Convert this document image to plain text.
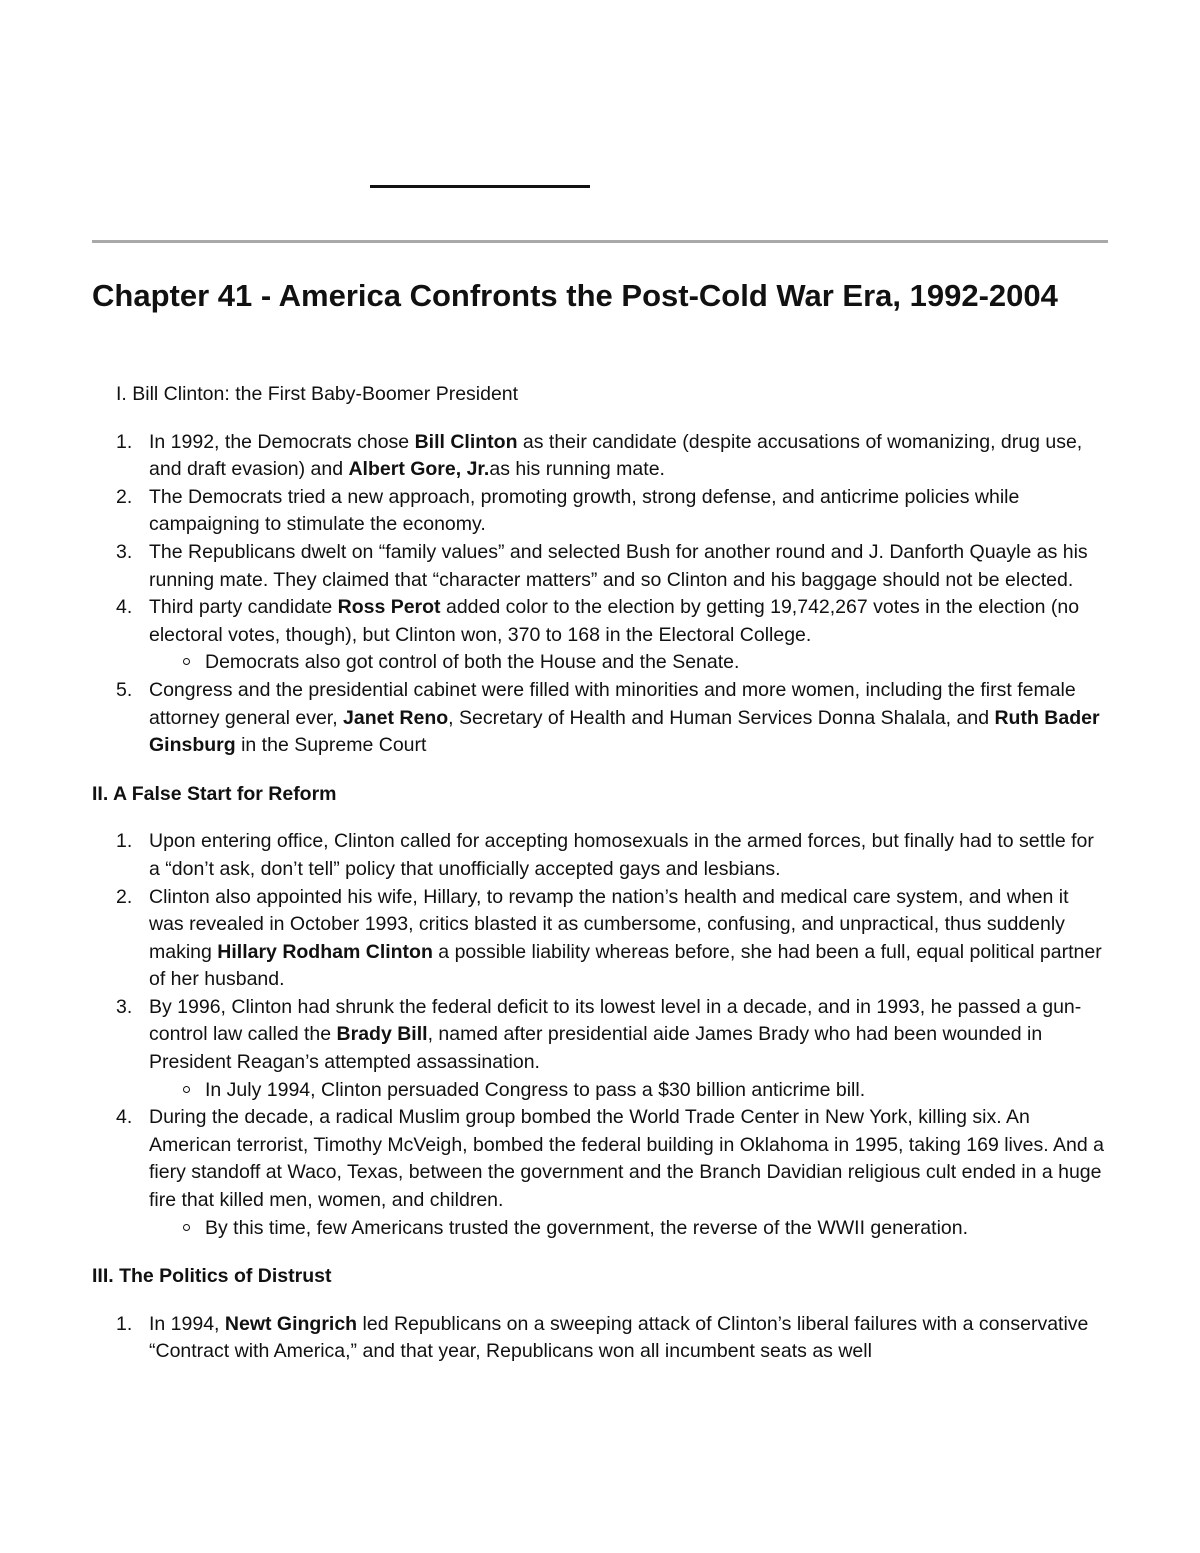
Chapter 41 - America Confronts the Post-Cold War Era, 1992-2004

I. Bill Clinton: the First Baby-Boomer President

1. In 1992, the Democrats chose Bill Clinton as their candidate (despite accusations of womanizing, drug use, and draft evasion) and Albert Gore, Jr.as his running mate.
2. The Democrats tried a new approach, promoting growth, strong defense, and anticrime policies while campaigning to stimulate the economy.
3. The Republicans dwelt on “family values” and selected Bush for another round and J. Danforth Quayle as his running mate. They claimed that “character matters” and so Clinton and his baggage should not be elected.
4. Third party candidate Ross Perot added color to the election by getting 19,742,267 votes in the election (no electoral votes, though), but Clinton won, 370 to 168 in the Electoral College.
Democrats also got control of both the House and the Senate.
5. Congress and the presidential cabinet were filled with minorities and more women, including the first female attorney general ever, Janet Reno, Secretary of Health and Human Services Donna Shalala, and Ruth Bader Ginsburg in the Supreme Court

II. A False Start for Reform

1. Upon entering office, Clinton called for accepting homosexuals in the armed forces, but finally had to settle for a “don’t ask, don’t tell” policy that unofficially accepted gays and lesbians.
2. Clinton also appointed his wife, Hillary, to revamp the nation’s health and medical care system, and when it was revealed in October 1993, critics blasted it as cumbersome, confusing, and unpractical, thus suddenly making Hillary Rodham Clinton a possible liability whereas before, she had been a full, equal political partner of her husband.
3. By 1996, Clinton had shrunk the federal deficit to its lowest level in a decade, and in 1993, he passed a gun-control law called the Brady Bill, named after presidential aide James Brady who had been wounded in President Reagan’s attempted assassination.
In July 1994, Clinton persuaded Congress to pass a $30 billion anticrime bill.
4. During the decade, a radical Muslim group bombed the World Trade Center in New York, killing six. An American terrorist, Timothy McVeigh, bombed the federal building in Oklahoma in 1995, taking 169 lives. And a fiery standoff at Waco, Texas, between the government and the Branch Davidian religious cult ended in a huge fire that killed men, women, and children.
By this time, few Americans trusted the government, the reverse of the WWII generation.

III. The Politics of Distrust

1. In 1994, Newt Gingrich led Republicans on a sweeping attack of Clinton’s liberal failures with a conservative “Contract with America,” and that year, Republicans won all incumbent seats as well
